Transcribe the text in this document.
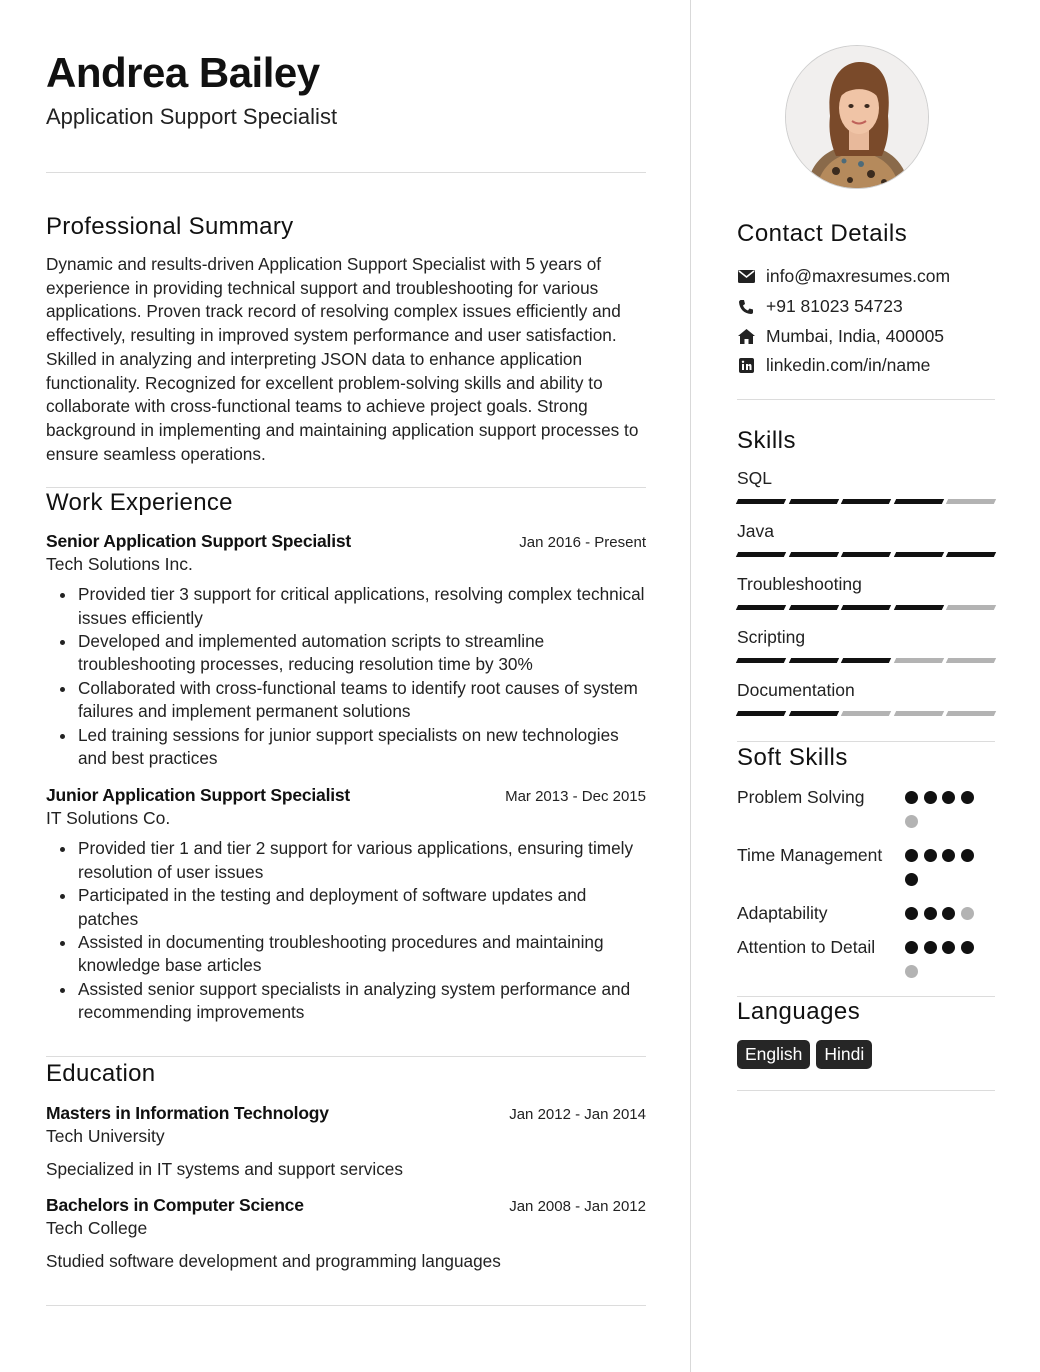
Andrea Bailey
Application Support Specialist
Professional Summary
Dynamic and results-driven Application Support Specialist with 5 years of experience in providing technical support and troubleshooting for various applications. Proven track record of resolving complex issues efficiently and effectively, resulting in improved system performance and user satisfaction. Skilled in analyzing and interpreting JSON data to enhance application functionality. Recognized for excellent problem-solving skills and ability to collaborate with cross-functional teams to achieve project goals. Strong background in implementing and maintaining application support processes to ensure seamless operations.
Work Experience
Senior Application Support Specialist	Jan 2016 - Present
Tech Solutions Inc.
Provided tier 3 support for critical applications, resolving complex technical issues efficiently
Developed and implemented automation scripts to streamline troubleshooting processes, reducing resolution time by 30%
Collaborated with cross-functional teams to identify root causes of system failures and implement permanent solutions
Led training sessions for junior support specialists on new technologies and best practices
Junior Application Support Specialist	Mar 2013 - Dec 2015
IT Solutions Co.
Provided tier 1 and tier 2 support for various applications, ensuring timely resolution of user issues
Participated in the testing and deployment of software updates and patches
Assisted in documenting troubleshooting procedures and maintaining knowledge base articles
Assisted senior support specialists in analyzing system performance and recommending improvements
Education
Masters in Information Technology	Jan 2012 - Jan 2014
Tech University
Specialized in IT systems and support services
Bachelors in Computer Science	Jan 2008 - Jan 2012
Tech College
Studied software development and programming languages
Contact Details
info@maxresumes.com
+91 81023 54723
Mumbai, India, 400005
linkedin.com/in/name
Skills
SQL
Java
Troubleshooting
Scripting
Documentation
Soft Skills
Problem Solving
Time Management
Adaptability
Attention to Detail
Languages
English	Hindi
